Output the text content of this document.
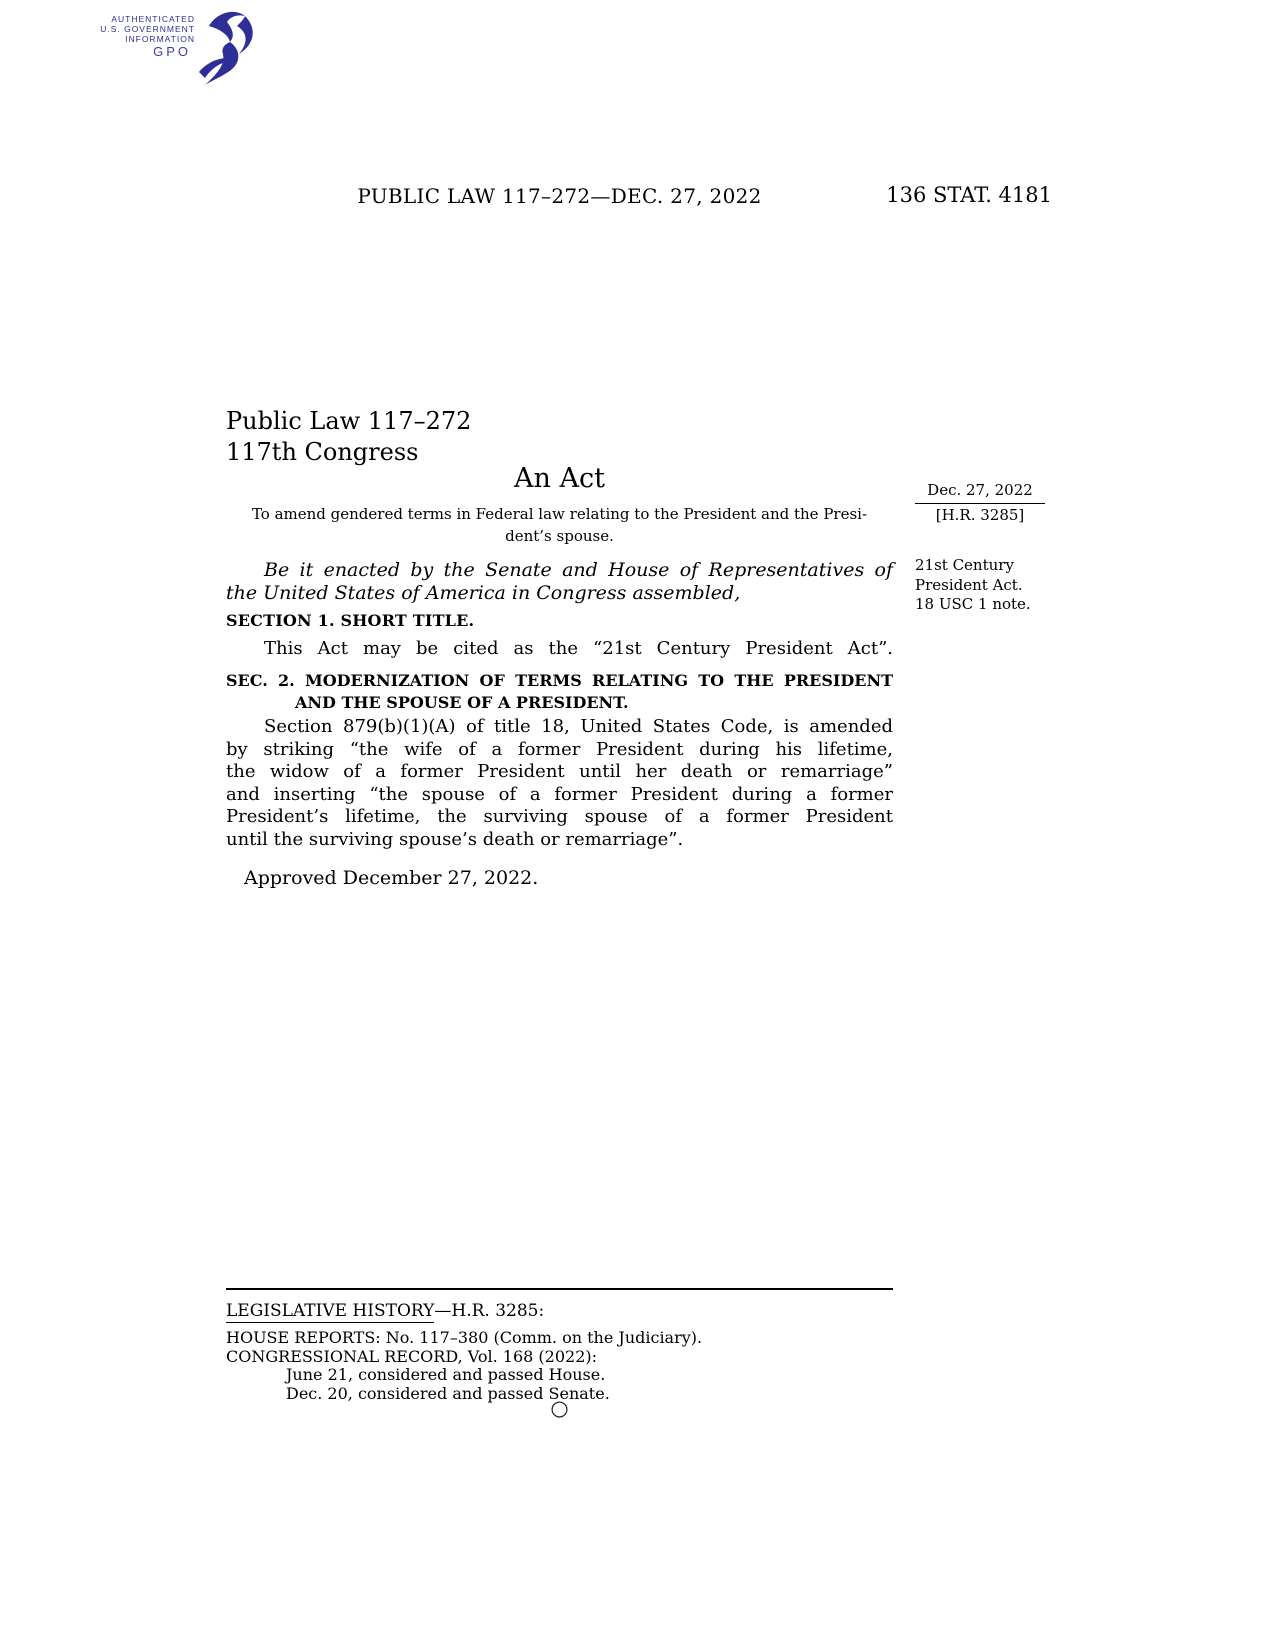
AUTHENTICATED
U.S. GOVERNMENT
INFORMATION
GPO
PUBLIC LAW 117–272—DEC. 27, 2022	136 STAT. 4181
Public Law 117–272
117th Congress
An Act
To amend gendered terms in Federal law relating to the President and the Presi-
dent’s spouse.
Dec. 27, 2022
[H.R. 3285]
Be it enacted by the Senate and House of Representatives of
the United States of America in Congress assembled,
21st Century
President Act.
18 USC 1 note.
SECTION 1. SHORT TITLE.
This Act may be cited as the “21st Century President Act”.
SEC. 2. MODERNIZATION OF TERMS RELATING TO THE PRESIDENT
AND THE SPOUSE OF A PRESIDENT.
Section 879(b)(1)(A) of title 18, United States Code, is amended
by striking “the wife of a former President during his lifetime,
the widow of a former President until her death or remarriage”
and inserting “the spouse of a former President during a former
President’s lifetime, the surviving spouse of a former President
until the surviving spouse’s death or remarriage”.
Approved December 27, 2022.
LEGISLATIVE HISTORY—H.R. 3285:
HOUSE REPORTS: No. 117–380 (Comm. on the Judiciary).
CONGRESSIONAL RECORD, Vol. 168 (2022):
June 21, considered and passed House.
Dec. 20, considered and passed Senate.
○
